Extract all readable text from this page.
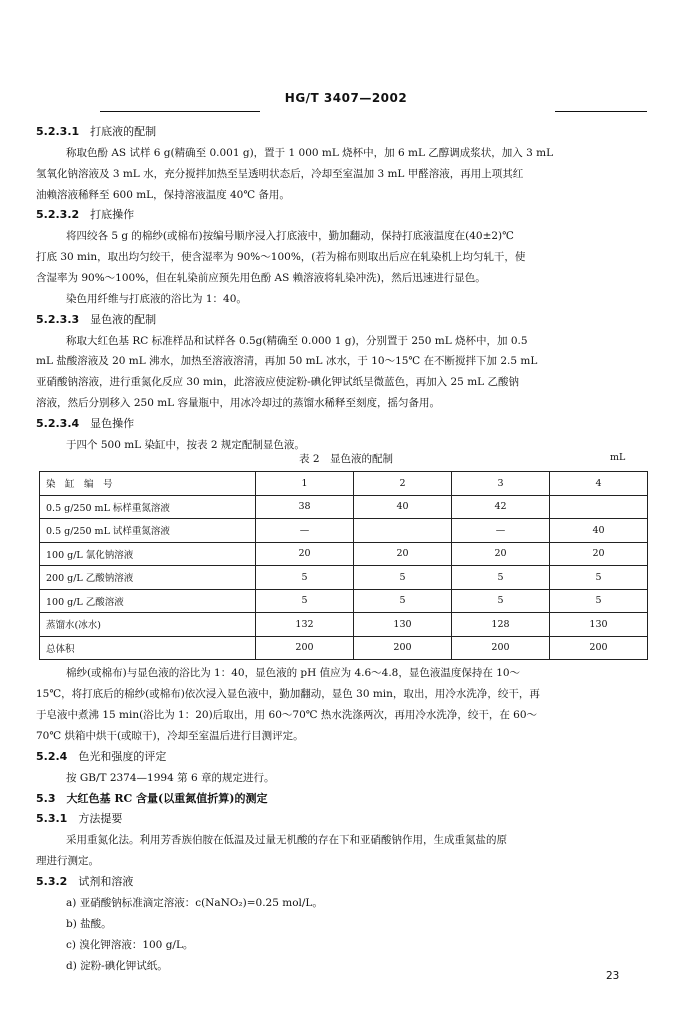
HG/T 3407—2002
5.2.3.1　 打底液的配制
称取色酚 AS 试样 6 g(精确至 0.001 g)，置于 1 000 mL 烧杯中，加 6 mL 乙醇调成浆状，加入 3 mL
氢氧化钠溶液及 3 mL 水，充分搅拌加热至呈透明状态后，冷却至室温加 3 mL 甲醛溶液，再用上项其红
油赖溶液稀释至 600 mL，保持溶液温度 40℃ 备用。
5.2.3.2　 打底操作
将四绞各 5 g 的棉纱(或棉布)按编号顺序浸入打底液中，勤加翻动，保持打底液温度在(40±2)℃
打底 30 min，取出均匀绞干，使含湿率为 90%～100%，(若为棉布则取出后应在轧染机上均匀轧干，使
含湿率为 90%～100%，但在轧染前应预先用色酚 AS 赖溶液将轧染冲洗)，然后迅速进行显色。
染色用纤维与打底液的浴比为 1：40。
5.2.3.3　 显色液的配制
称取大红色基 RC 标准样品和试样各 0.5g(精确至 0.000 1 g)，分别置于 250 mL 烧杯中，加 0.5
mL 盐酸溶液及 20 mL 沸水，加热至溶液溶清，再加 50 mL 冰水，于 10～15℃ 在不断搅拌下加 2.5 mL
亚硝酸钠溶液，进行重氮化反应 30 min，此溶液应使淀粉-碘化钾试纸呈微蓝色，再加入 25 mL 乙酸钠
溶液，然后分别移入 250 mL 容量瓶中，用冰冷却过的蒸馏水稀释至刻度，摇匀备用。
5.2.3.4　 显色操作
于四个 500 mL 染缸中，按表 2 规定配制显色液。
表 2　显色液的配制	mL
染　缸　编　号	1	2	3	4
0.5 g/250 mL 标样重氮溶液	38	40	42	
0.5 g/250 mL 试样重氮溶液	—		—	40
100 g/L 氯化钠溶液	20	20	20	20
200 g/L 乙酸钠溶液	5	5	5	5
100 g/L 乙酸溶液	5	5	5	5
蒸馏水(冰水)	132	130	128	130
总体积	200	200	200	200
棉纱(或棉布)与显色液的浴比为 1：40，显色液的 pH 值应为 4.6～4.8，显色液温度保持在 10～
15℃，将打底后的棉纱(或棉布)依次浸入显色液中，勤加翻动，显色 30 min，取出，用冷水洗净，绞干，再
于皂液中煮沸 15 min(浴比为 1：20)后取出，用 60～70℃ 热水洗涤两次，再用冷水洗净，绞干，在 60～
70℃ 烘箱中烘干(或晾干)，冷却至室温后进行目测评定。
5.2.4　 色光和强度的评定
按 GB/T 2374—1994 第 6 章的规定进行。
5.3　 大红色基 RC 含量(以重氮值折算)的测定
5.3.1　 方法提要
采用重氮化法。利用芳香族伯胺在低温及过量无机酸的存在下和亚硝酸钠作用，生成重氮盐的原
理进行测定。
5.3.2　 试剂和溶液
a) 亚硝酸钠标准滴定溶液：c(NaNO₂)=0.25 mol/L。
b) 盐酸。
c) 溴化钾溶液：100 g/L。
d) 淀粉-碘化钾试纸。
23
